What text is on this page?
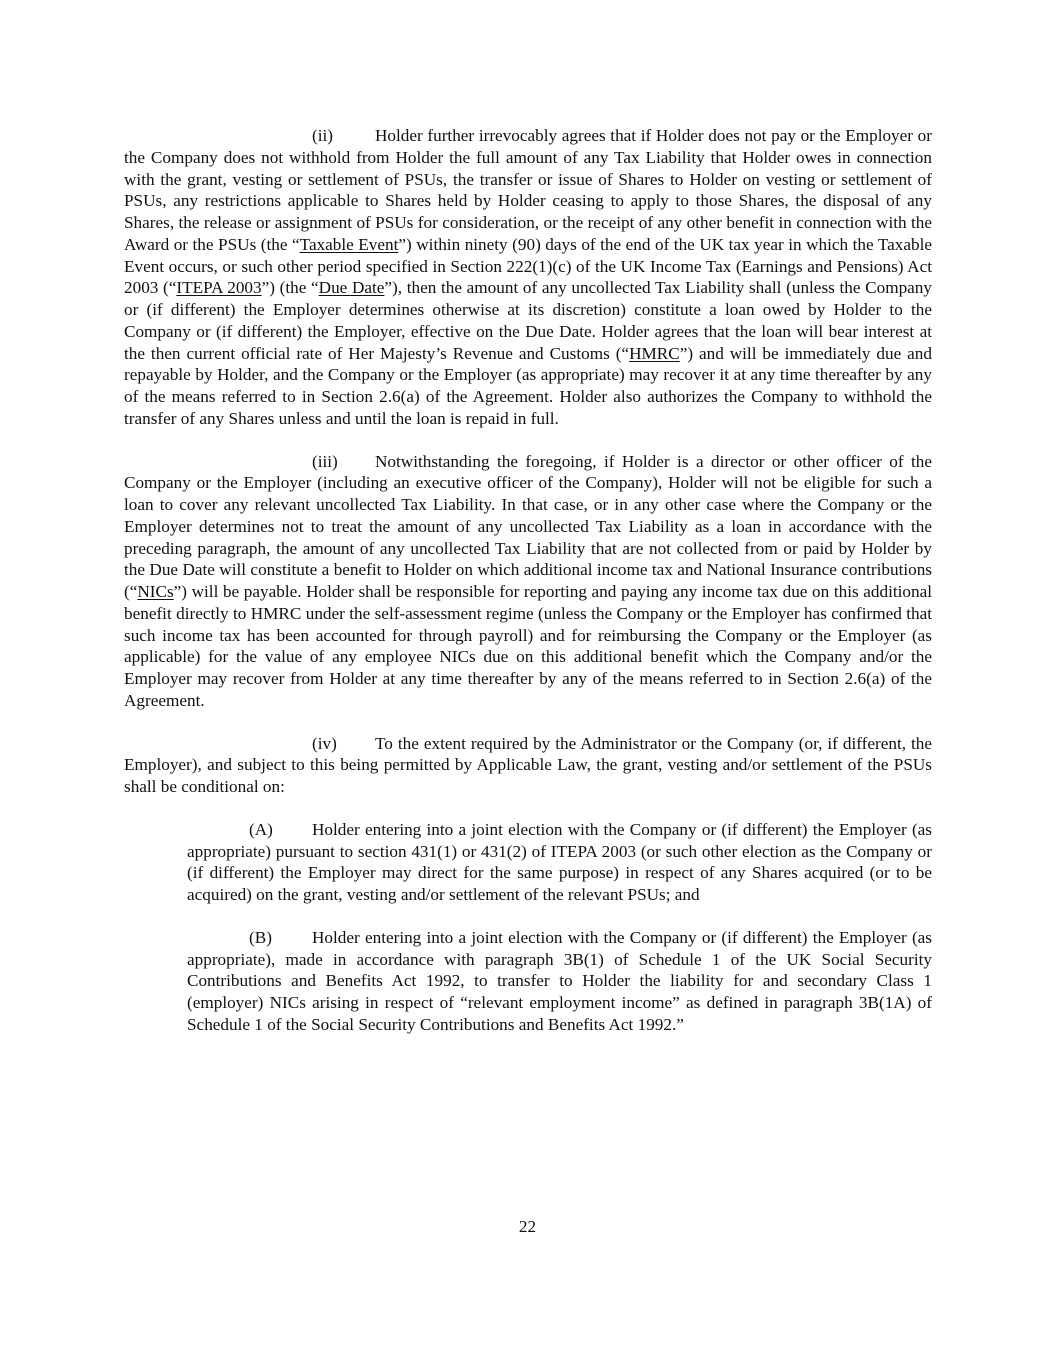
(ii) Holder further irrevocably agrees that if Holder does not pay or the Employer or the Company does not withhold from Holder the full amount of any Tax Liability that Holder owes in connection with the grant, vesting or settlement of PSUs, the transfer or issue of Shares to Holder on vesting or settlement of PSUs, any restrictions applicable to Shares held by Holder ceasing to apply to those Shares, the disposal of any Shares, the release or assignment of PSUs for consideration, or the receipt of any other benefit in connection with the Award or the PSUs (the “Taxable Event”) within ninety (90) days of the end of the UK tax year in which the Taxable Event occurs, or such other period specified in Section 222(1)(c) of the UK Income Tax (Earnings and Pensions) Act 2003 (“ITEPA 2003”) (the “Due Date”), then the amount of any uncollected Tax Liability shall (unless the Company or (if different) the Employer determines otherwise at its discretion) constitute a loan owed by Holder to the Company or (if different) the Employer, effective on the Due Date. Holder agrees that the loan will bear interest at the then current official rate of Her Majesty’s Revenue and Customs (“HMRC”) and will be immediately due and repayable by Holder, and the Company or the Employer (as appropriate) may recover it at any time thereafter by any of the means referred to in Section 2.6(a) of the Agreement. Holder also authorizes the Company to withhold the transfer of any Shares unless and until the loan is repaid in full.

(iii) Notwithstanding the foregoing, if Holder is a director or other officer of the Company or the Employer (including an executive officer of the Company), Holder will not be eligible for such a loan to cover any relevant uncollected Tax Liability. In that case, or in any other case where the Company or the Employer determines not to treat the amount of any uncollected Tax Liability as a loan in accordance with the preceding paragraph, the amount of any uncollected Tax Liability that are not collected from or paid by Holder by the Due Date will constitute a benefit to Holder on which additional income tax and National Insurance contributions (“NICs”) will be payable. Holder shall be responsible for reporting and paying any income tax due on this additional benefit directly to HMRC under the self-assessment regime (unless the Company or the Employer has confirmed that such income tax has been accounted for through payroll) and for reimbursing the Company or the Employer (as applicable) for the value of any employee NICs due on this additional benefit which the Company and/or the Employer may recover from Holder at any time thereafter by any of the means referred to in Section 2.6(a) of the Agreement.

(iv) To the extent required by the Administrator or the Company (or, if different, the Employer), and subject to this being permitted by Applicable Law, the grant, vesting and/or settlement of the PSUs shall be conditional on:

(A) Holder entering into a joint election with the Company or (if different) the Employer (as appropriate) pursuant to section 431(1) or 431(2) of ITEPA 2003 (or such other election as the Company or (if different) the Employer may direct for the same purpose) in respect of any Shares acquired (or to be acquired) on the grant, vesting and/or settlement of the relevant PSUs; and

(B) Holder entering into a joint election with the Company or (if different) the Employer (as appropriate), made in accordance with paragraph 3B(1) of Schedule 1 of the UK Social Security Contributions and Benefits Act 1992, to transfer to Holder the liability for and secondary Class 1 (employer) NICs arising in respect of “relevant employment income” as defined in paragraph 3B(1A) of Schedule 1 of the Social Security Contributions and Benefits Act 1992.”

22
